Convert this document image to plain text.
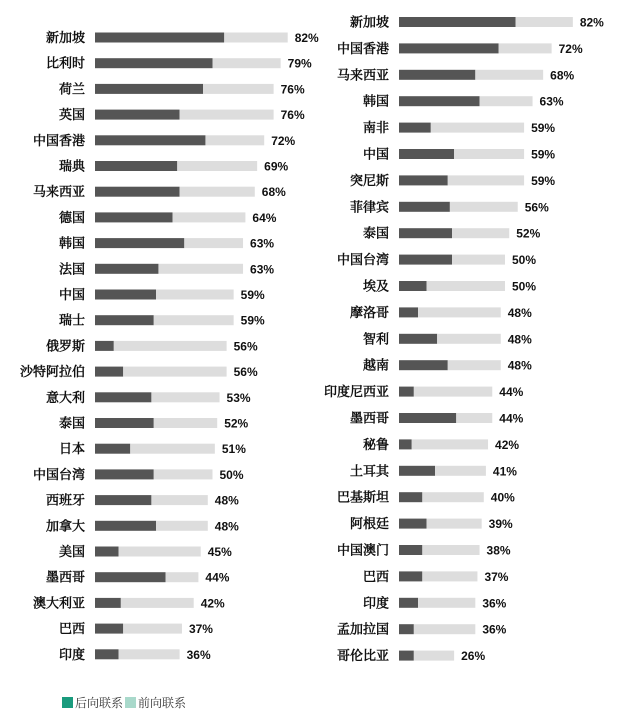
新加坡	82%
比利时	79%
荷兰	76%
英国	76%
中国香港	72%
瑞典	69%
马来西亚	68%
德国	64%
韩国	63%
法国	63%
中国	59%
瑞士	59%
俄罗斯	56%
沙特阿拉伯	56%
意大利	53%
泰国	52%
日本	51%
中国台湾	50%
西班牙	48%
加拿大	48%
美国	45%
墨西哥	44%
澳大利亚	42%
巴西	37%
印度	36%
新加坡	82%
中国香港	72%
马来西亚	68%
韩国	63%
南非	59%
中国	59%
突尼斯	59%
菲律宾	56%
泰国	52%
中国台湾	50%
埃及	50%
摩洛哥	48%
智利	48%
越南	48%
印度尼西亚	44%
墨西哥	44%
秘鲁	42%
土耳其	41%
巴基斯坦	40%
阿根廷	39%
中国澳门	38%
巴西	37%
印度	36%
孟加拉国	36%
哥伦比亚	26%
后向联系 前向联系
